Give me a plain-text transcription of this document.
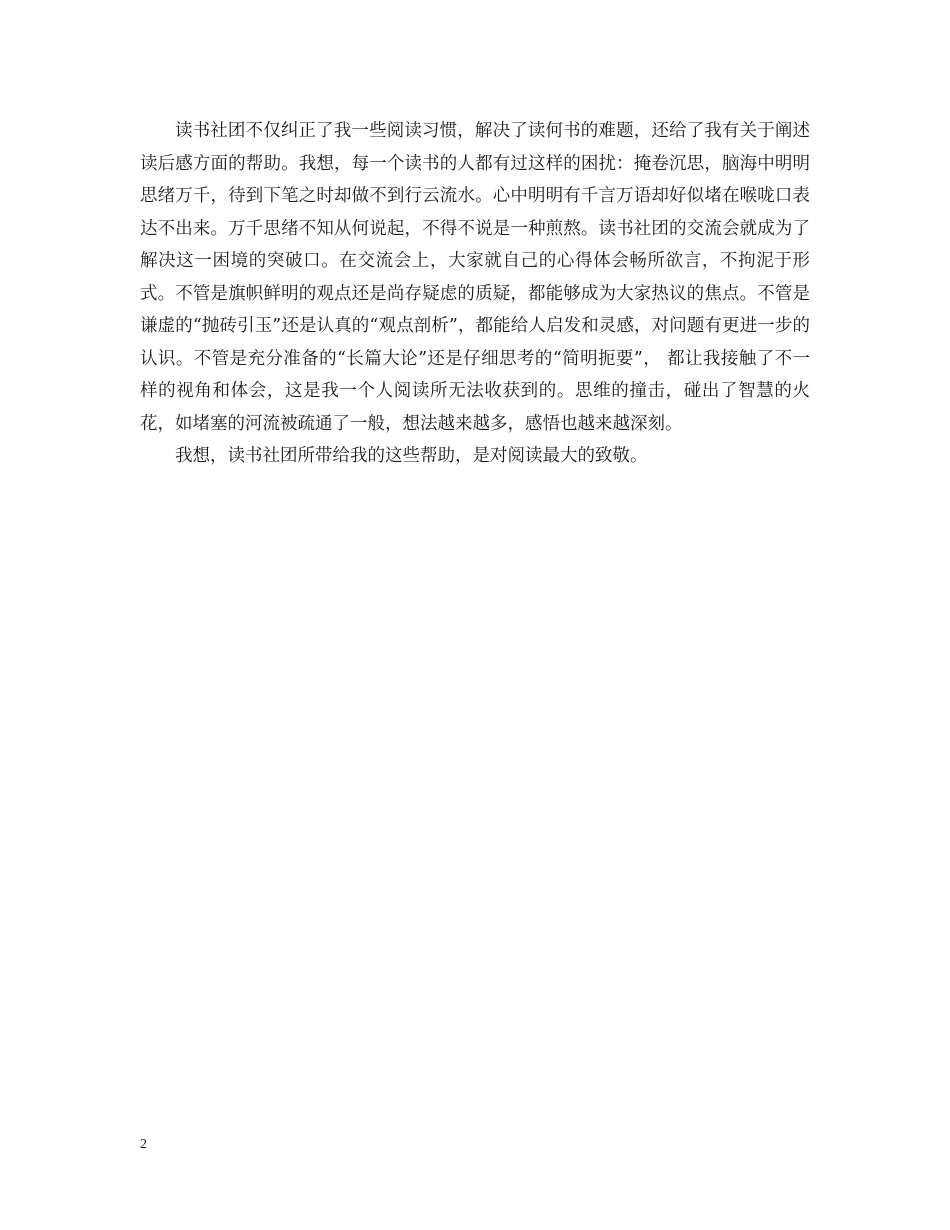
读书社团不仅纠正了我一些阅读习惯，解决了读何书的难题，还给了我有关于阐述读后感方面的帮助。我想，每一个读书的人都有过这样的困扰：掩卷沉思，脑海中明明思绪万千，待到下笔之时却做不到行云流水。心中明明有千言万语却好似堵在喉咙口表达不出来。万千思绪不知从何说起，不得不说是一种煎熬。读书社团的交流会就成为了解决这一困境的突破口。在交流会上，大家就自己的心得体会畅所欲言，不拘泥于形式。不管是旗帜鲜明的观点还是尚存疑虑的质疑，都能够成为大家热议的焦点。不管是谦虚的“抛砖引玉”还是认真的“观点剖析”，都能给人启发和灵感，对问题有更进一步的认识。不管是充分准备的“长篇大论”还是仔细思考的“简明扼要”， 都让我接触了不一样的视角和体会，这是我一个人阅读所无法收获到的。思维的撞击，碰出了智慧的火花，如堵塞的河流被疏通了一般，想法越来越多，感悟也越来越深刻。

我想，读书社团所带给我的这些帮助，是对阅读最大的致敬。

2
